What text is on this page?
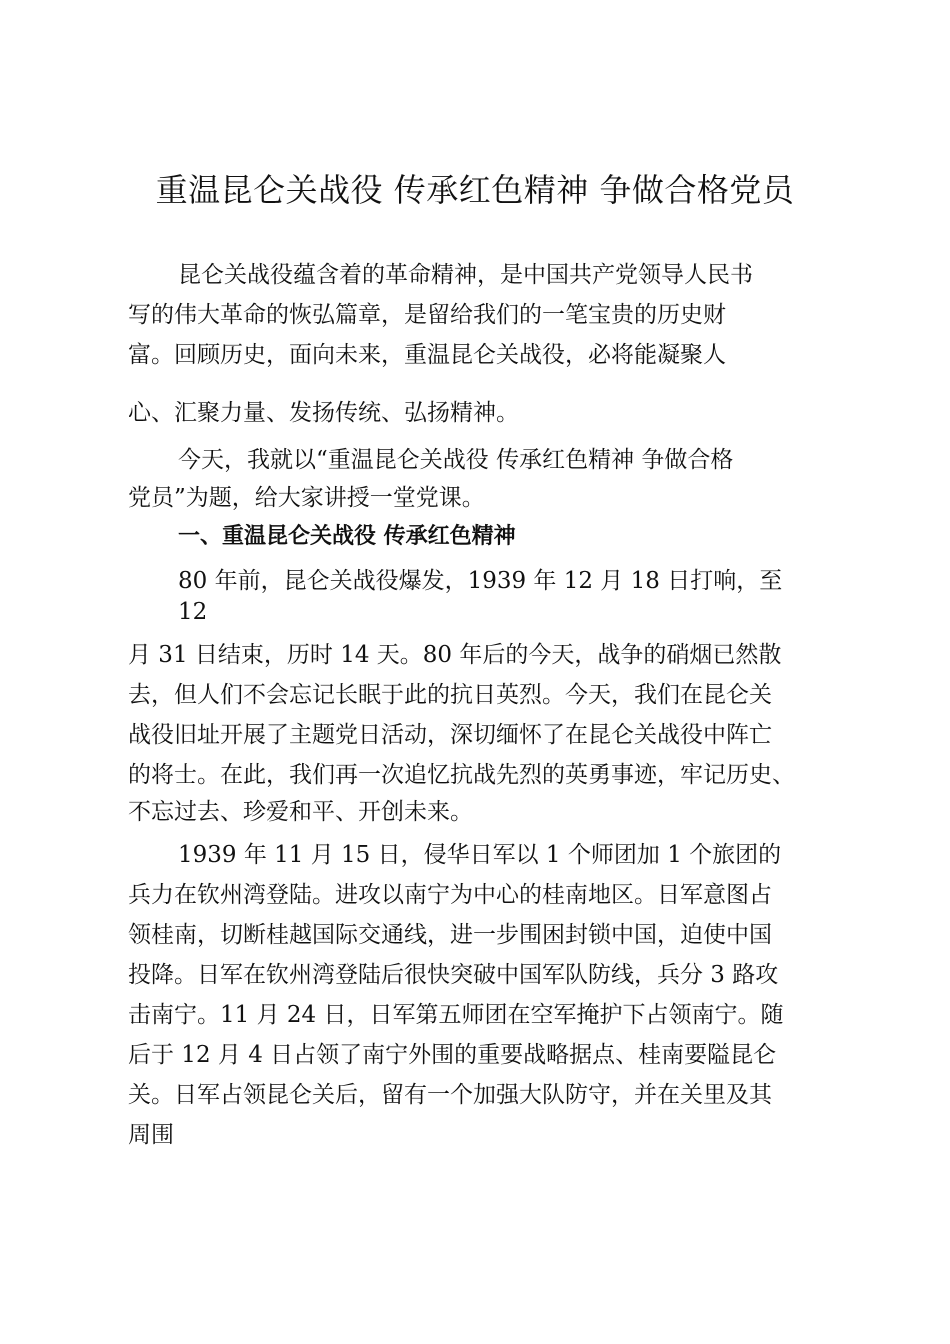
重温昆仑关战役 传承红色精神 争做合格党员
昆仑关战役蕴含着的革命精神，是中国共产党领导人民书
写的伟大革命的恢弘篇章，是留给我们的一笔宝贵的历史财
富。回顾历史，面向未来，重温昆仑关战役，必将能凝聚人
心、汇聚力量、发扬传统、弘扬精神。
今天，我就以“重温昆仑关战役 传承红色精神 争做合格
党员”为题，给大家讲授一堂党课。
一、重温昆仑关战役 传承红色精神
80 年前，昆仑关战役爆发，1939 年 12 月 18 日打响，至
12
月 31 日结束，历时 14 天。80 年后的今天，战争的硝烟已然散
去，但人们不会忘记长眠于此的抗日英烈。今天，我们在昆仑关
战役旧址开展了主题党日活动，深切缅怀了在昆仑关战役中阵亡
的将士。在此，我们再一次追忆抗战先烈的英勇事迹，牢记历史、
不忘过去、珍爱和平、开创未来。
1939 年 11 月 15 日，侵华日军以 1 个师团加 1 个旅团的
兵力在钦州湾登陆。进攻以南宁为中心的桂南地区。日军意图占
领桂南，切断桂越国际交通线，进一步围困封锁中国，迫使中国
投降。日军在钦州湾登陆后很快突破中国军队防线，兵分 3 路攻
击南宁。11 月 24 日，日军第五师团在空军掩护下占领南宁。随
后于 12 月 4 日占领了南宁外围的重要战略据点、桂南要隘昆仑
关。日军占领昆仑关后，留有一个加强大队防守，并在关里及其
周围
